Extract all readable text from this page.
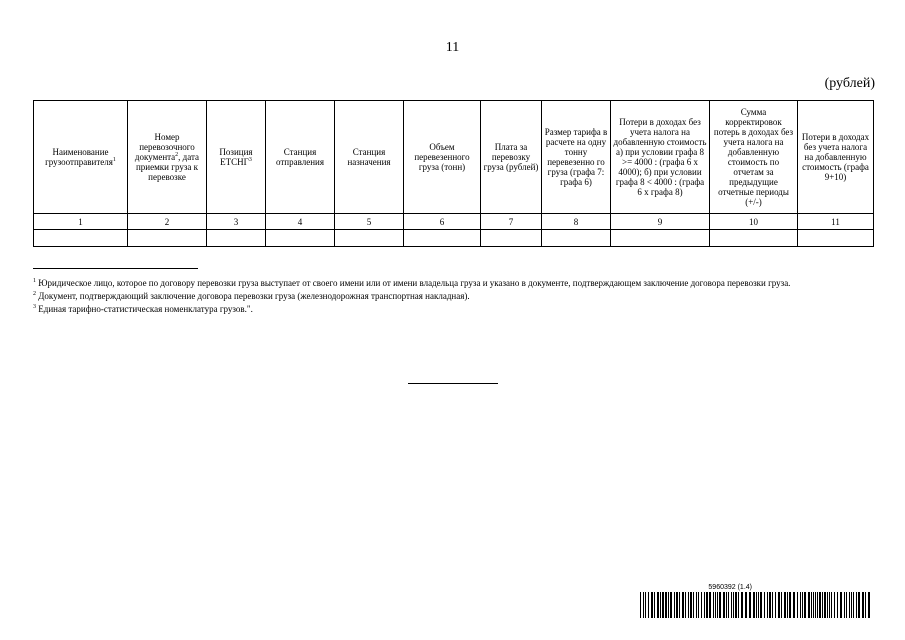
11
(рублей)
Наименование грузоотправителя$^1$	Номер перевозочного документа$^2$, дата приемки груза к перевозке	Позиция ЕТСНГ$^3$	Станция отправления	Станция назначения	Объем перевезенного груза (тонн)	Плата за перевозку груза (рублей)	Размер тарифа в расчете на одну тонну перевезенно го груза (графа 7: графа 6)	Потери в доходах без учета налога на добавленную стоимость а) при условии графа 8 >= 4000 : (графа 6 х 4000); б) при условии графа 8 < 4000 : (графа 6 х графа 8)	Сумма корректировок потерь в доходах без учета налога на добавленную стоимость по отчетам за предыдущие отчетные периоды (+/-)	Потери в доходах без учета налога на добавленную стоимость (графа 9+10)
1	2	3	4	5	6	7	8	9	10	11

$^1$ Юридическое лицо, которое по договору перевозки груза выступает от своего имени или от имени владельца груза и указано в документе, подтверждающем заключение договора перевозки груза.

$^2$ Документ, подтверждающий заключение договора перевозки груза (железнодорожная транспортная накладная).

$^3$ Единая тарифно-статистическая номенклатура грузов.".

5960392 (1.4)
